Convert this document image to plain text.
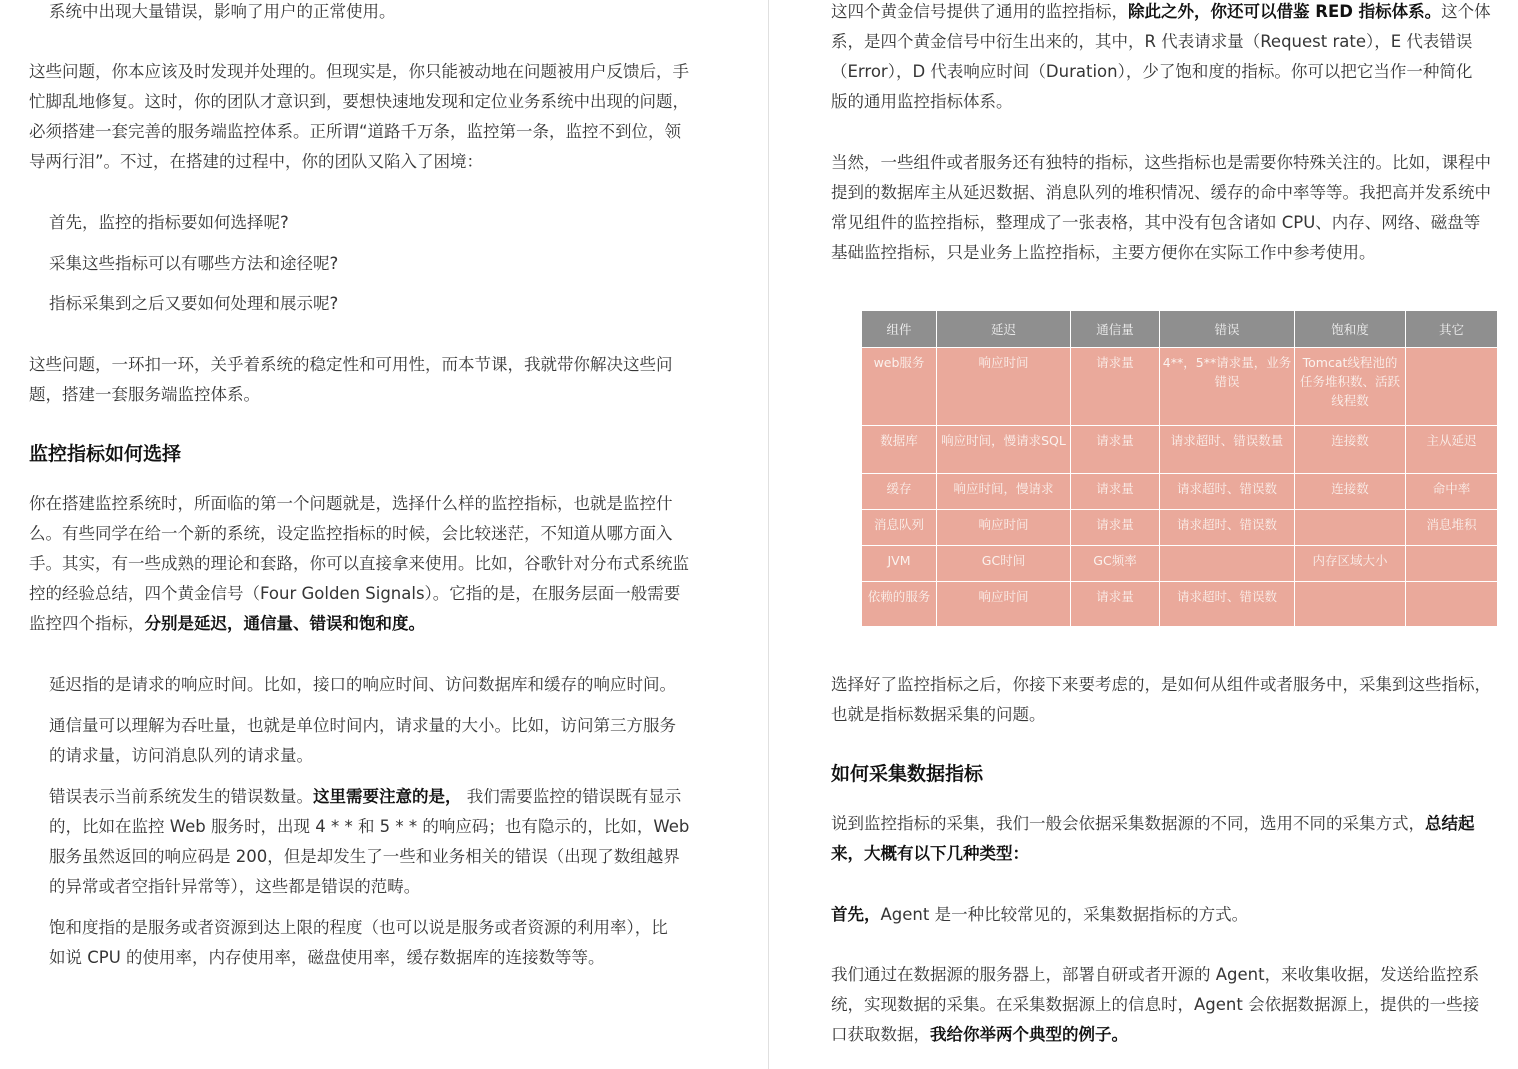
系统中出现大量错误，影响了用户的正常使用。

这些问题，你本应该及时发现并处理的。但现实是，你只能被动地在问题被用户反馈后，手

忙脚乱地修复。这时，你的团队才意识到，要想快速地发现和定位业务系统中出现的问题，

必须搭建一套完善的服务端监控体系。正所谓“道路千万条，监控第一条，监控不到位，领

导两行泪”。不过，在搭建的过程中，你的团队又陷入了困境：

首先，监控的指标要如何选择呢?

采集这些指标可以有哪些方法和途径呢?

指标采集到之后又要如何处理和展示呢?

这些问题，一环扣一环，关乎着系统的稳定性和可用性，而本节课，我就带你解决这些问

题，搭建一套服务端监控体系。

监控指标如何选择

你在搭建监控系统时，所面临的第一个问题就是，选择什么样的监控指标，也就是监控什

么。有些同学在给一个新的系统，设定监控指标的时候，会比较迷茫，不知道从哪方面入

手。其实，有一些成熟的理论和套路，你可以直接拿来使用。比如，谷歌针对分布式系统监

控的经验总结，四个黄金信号（Four Golden Signals）。它指的是，在服务层面一般需要

监控四个指标，分别是延迟，通信量、错误和饱和度。

延迟指的是请求的响应时间。比如，接口的响应时间、访问数据库和缓存的响应时间。

通信量可以理解为吞吐量，也就是单位时间内，请求量的大小。比如，访问第三方服务

的请求量，访问消息队列的请求量。

错误表示当前系统发生的错误数量。这里需要注意的是， 我们需要监控的错误既有显示

的，比如在监控 Web 服务时，出现 4 * * 和 5 * * 的响应码；也有隐示的，比如，Web

服务虽然返回的响应码是 200，但是却发生了一些和业务相关的错误（出现了数组越界

的异常或者空指针异常等），这些都是错误的范畴。

饱和度指的是服务或者资源到达上限的程度（也可以说是服务或者资源的利用率），比

如说 CPU 的使用率，内存使用率，磁盘使用率，缓存数据库的连接数等等。

这四个黄金信号提供了通用的监控指标，除此之外，你还可以借鉴 RED 指标体系。这个体

系，是四个黄金信号中衍生出来的，其中，R 代表请求量（Request rate），E 代表错误

（Error），D 代表响应时间（Duration），少了饱和度的指标。你可以把它当作一种简化

版的通用监控指标体系。

当然，一些组件或者服务还有独特的指标，这些指标也是需要你特殊关注的。比如，课程中

提到的数据库主从延迟数据、消息队列的堆积情况、缓存的命中率等等。我把高并发系统中

常见组件的监控指标，整理成了一张表格，其中没有包含诸如 CPU、内存、网络、磁盘等

基础监控指标，只是业务上监控指标，主要方便你在实际工作中参考使用。

选择好了监控指标之后，你接下来要考虑的，是如何从组件或者服务中，采集到这些指标，

也就是指标数据采集的问题。

如何采集数据指标

说到监控指标的采集，我们一般会依据采集数据源的不同，选用不同的采集方式，总结起

来，大概有以下几种类型：

首先，Agent 是一种比较常见的，采集数据指标的方式。

我们通过在数据源的服务器上，部署自研或者开源的 Agent，来收集收据，发送给监控系

统，实现数据的采集。在采集数据源上的信息时，Agent 会依据数据源上，提供的一些接

口获取数据，我给你举两个典型的例子。

组件	延迟	通信量	错误	饱和度	其它
web服务	响应时间	请求量	4**，5**请求量，业务错误	Tomcat线程池的任务堆积数、活跃线程数	
数据库	响应时间，慢请求SQL	请求量	请求超时、错误数量	连接数	主从延迟
缓存	响应时间，慢请求	请求量	请求超时、错误数	连接数	命中率
消息队列	响应时间	请求量	请求超时、错误数		消息堆积
JVM	GC时间	GC频率		内存区域大小	
依赖的服务	响应时间	请求量	请求超时、错误数		
